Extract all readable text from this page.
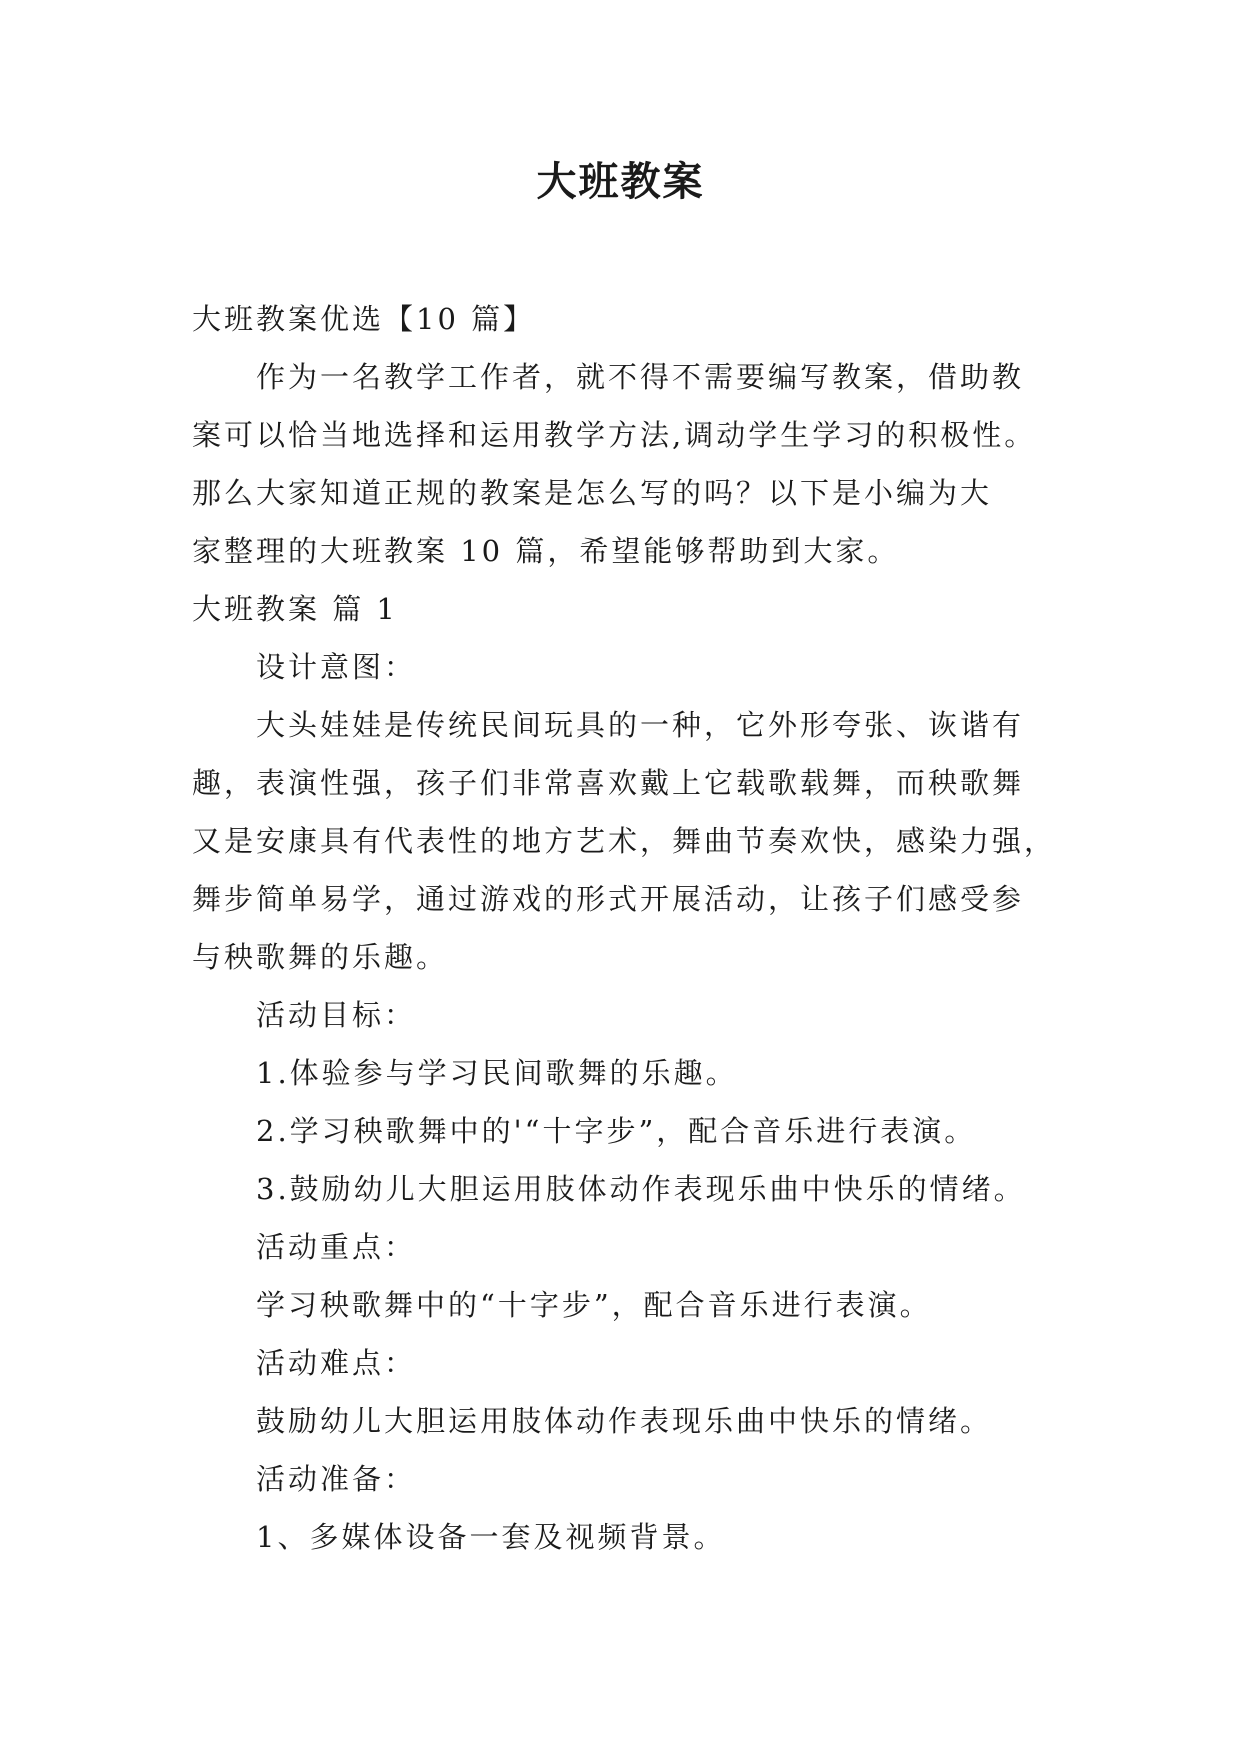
大班教案
大班教案优选【10 篇】
作为一名教学工作者，就不得不需要编写教案，借助教
案可以恰当地选择和运用教学方法,调动学生学习的积极性。
那么大家知道正规的教案是怎么写的吗？以下是小编为大
家整理的大班教案 10 篇，希望能够帮助到大家。
大班教案 篇 1
设计意图：
大头娃娃是传统民间玩具的一种，它外形夸张、诙谐有
趣，表演性强，孩子们非常喜欢戴上它载歌载舞，而秧歌舞
又是安康具有代表性的地方艺术，舞曲节奏欢快，感染力强，
舞步简单易学，通过游戏的形式开展活动，让孩子们感受参
与秧歌舞的乐趣。
活动目标：
1.体验参与学习民间歌舞的乐趣。
2.学习秧歌舞中的'“十字步”，配合音乐进行表演。
3.鼓励幼儿大胆运用肢体动作表现乐曲中快乐的情绪。
活动重点：
学习秧歌舞中的“十字步”，配合音乐进行表演。
活动难点：
鼓励幼儿大胆运用肢体动作表现乐曲中快乐的情绪。
活动准备：
1、多媒体设备一套及视频背景。
